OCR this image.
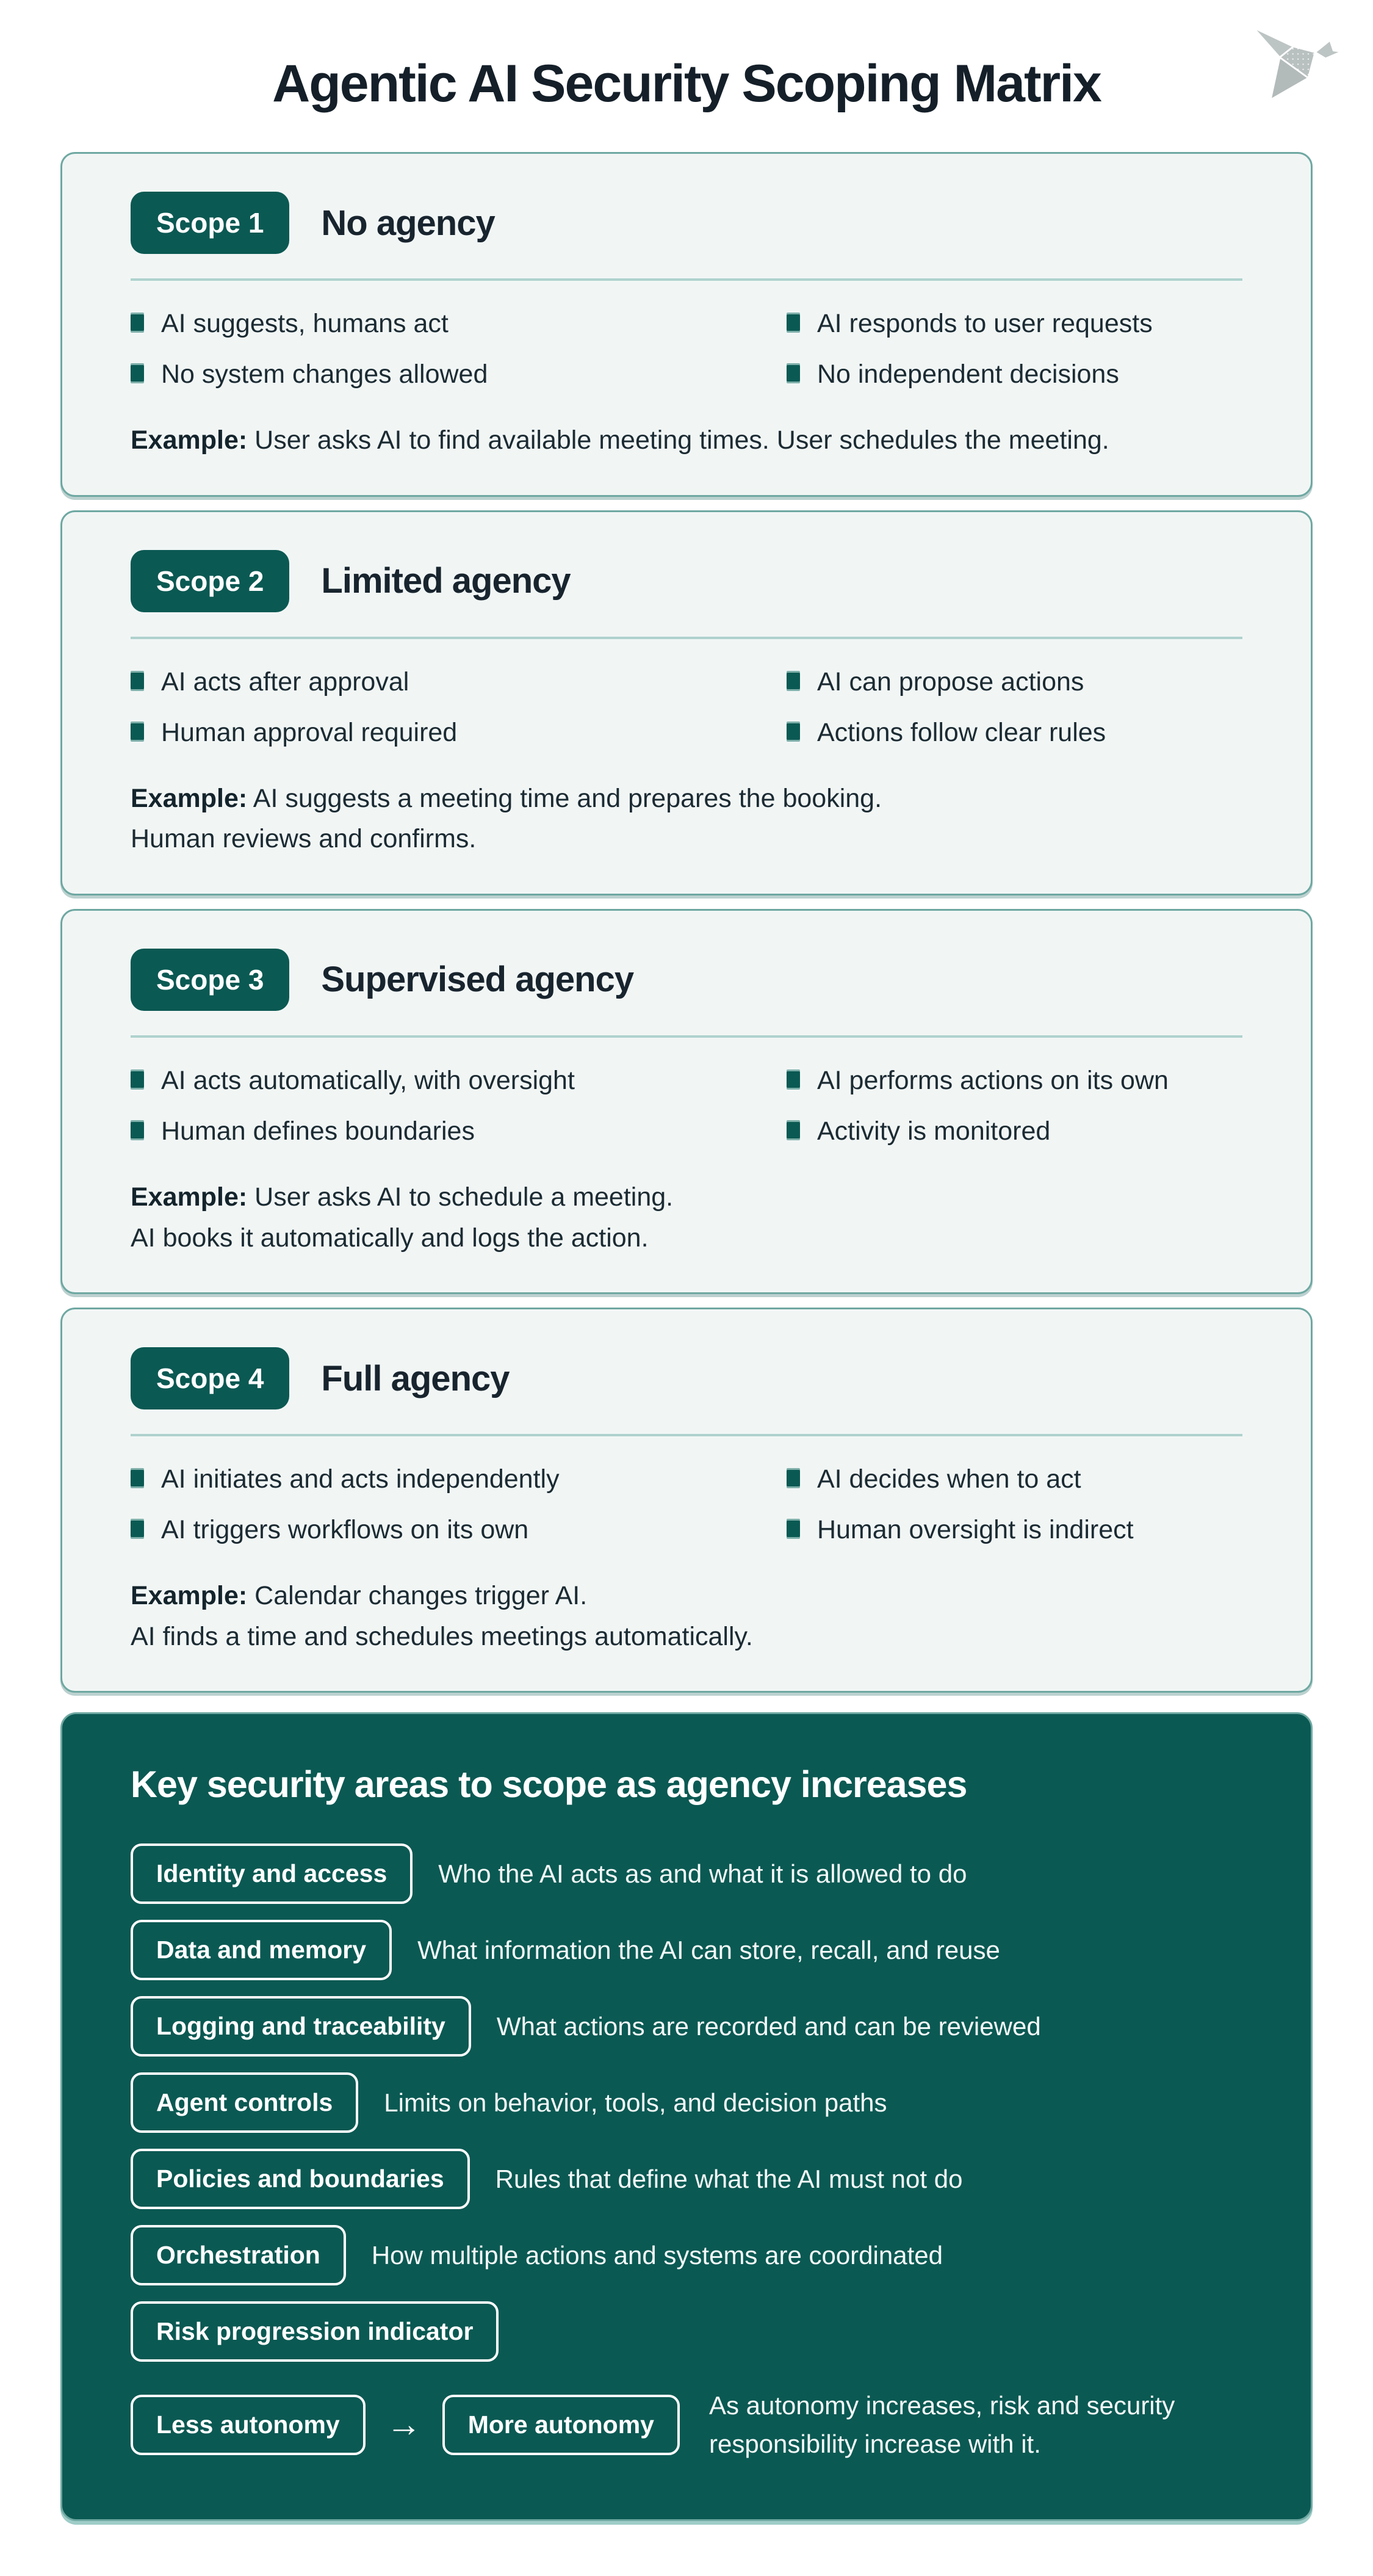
Agentic AI Security Scoping Matrix
Scope 1	No agency
AI suggests, humans act	AI responds to user requests
No system changes allowed	No independent decisions

Example: User asks AI to find available meeting times. User schedules the meeting.

Scope 2	Limited agency
AI acts after approval	AI can propose actions
Human approval required	Actions follow clear rules

Example: AI suggests a meeting time and prepares the booking.
Human reviews and confirms.

Scope 3	Supervised agency
AI acts automatically, with oversight	AI performs actions on its own
Human defines boundaries	Activity is monitored

Example: User asks AI to schedule a meeting.
AI books it automatically and logs the action.

Scope 4	Full agency
AI initiates and acts independently	AI decides when to act
AI triggers workflows on its own	Human oversight is indirect

Example: Calendar changes trigger AI.
AI finds a time and schedules meetings automatically.

Key security areas to scope as agency increases
Identity and access	Who the AI acts as and what it is allowed to do
Data and memory	What information the AI can store, recall, and reuse
Logging and traceability	What actions are recorded and can be reviewed
Agent controls	Limits on behavior, tools, and decision paths
Policies and boundaries	Rules that define what the AI must not do
Orchestration	How multiple actions and systems are coordinated
Risk progression indicator
Less autonomy	→	More autonomy
As autonomy increases, risk and security
responsibility increase with it.
